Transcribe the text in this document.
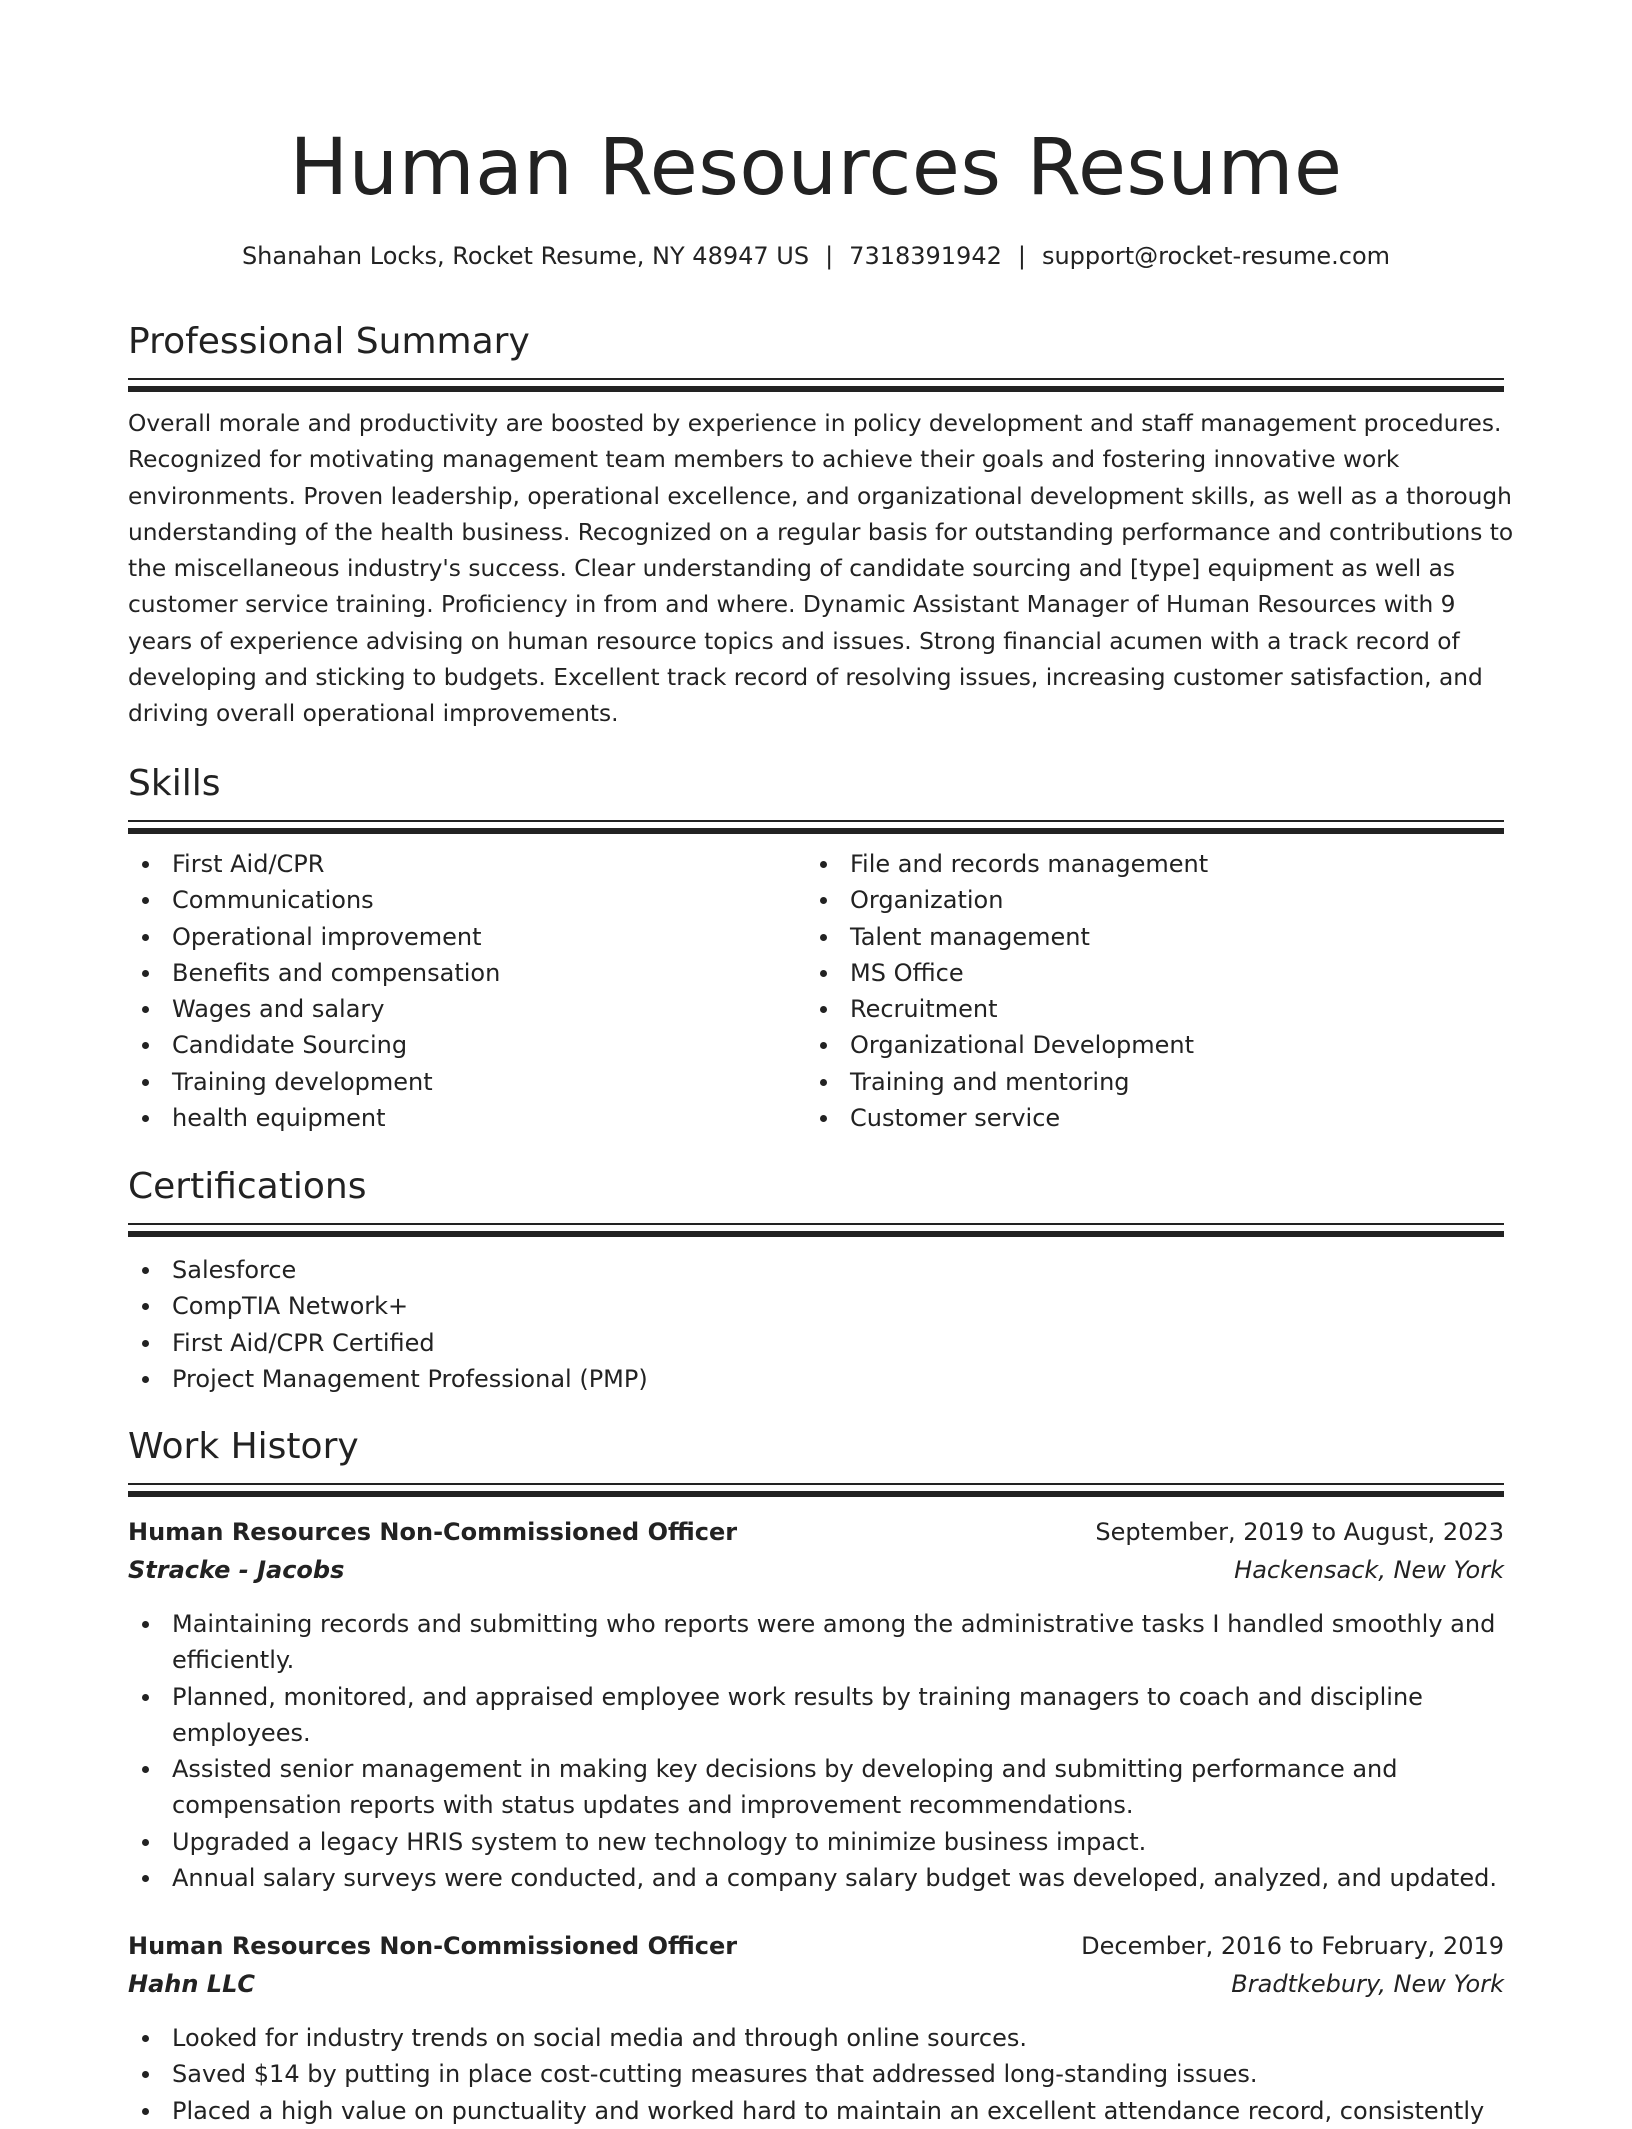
Human Resources Resume
Shanahan Locks, Rocket Resume, NY 48947 US | 7318391942 | support@rocket-resume.com
Professional Summary
Overall morale and productivity are boosted by experience in policy development and staff management procedures.
Recognized for motivating management team members to achieve their goals and fostering innovative work
environments. Proven leadership, operational excellence, and organizational development skills, as well as a thorough
understanding of the health business. Recognized on a regular basis for outstanding performance and contributions to
the miscellaneous industry's success. Clear understanding of candidate sourcing and [type] equipment as well as
customer service training. Proficiency in from and where. Dynamic Assistant Manager of Human Resources with 9
years of experience advising on human resource topics and issues. Strong financial acumen with a track record of
developing and sticking to budgets. Excellent track record of resolving issues, increasing customer satisfaction, and
driving overall operational improvements.
Skills
First Aid/CPR
Communications
Operational improvement
Benefits and compensation
Wages and salary
Candidate Sourcing
Training development
health equipment
File and records management
Organization
Talent management
MS Office
Recruitment
Organizational Development
Training and mentoring
Customer service
Certifications
Salesforce
CompTIA Network+
First Aid/CPR Certified
Project Management Professional (PMP)
Work History
Human Resources Non-Commissioned Officer	September, 2019 to August, 2023
Stracke - Jacobs	Hackensack, New York
Maintaining records and submitting who reports were among the administrative tasks I handled smoothly and
efficiently.
Planned, monitored, and appraised employee work results by training managers to coach and discipline
employees.
Assisted senior management in making key decisions by developing and submitting performance and
compensation reports with status updates and improvement recommendations.
Upgraded a legacy HRIS system to new technology to minimize business impact.
Annual salary surveys were conducted, and a company salary budget was developed, analyzed, and updated.
Human Resources Non-Commissioned Officer	December, 2016 to February, 2019
Hahn LLC	Bradtkebury, New York
Looked for industry trends on social media and through online sources.
Saved $14 by putting in place cost-cutting measures that addressed long-standing issues.
Placed a high value on punctuality and worked hard to maintain an excellent attendance record, consistently
